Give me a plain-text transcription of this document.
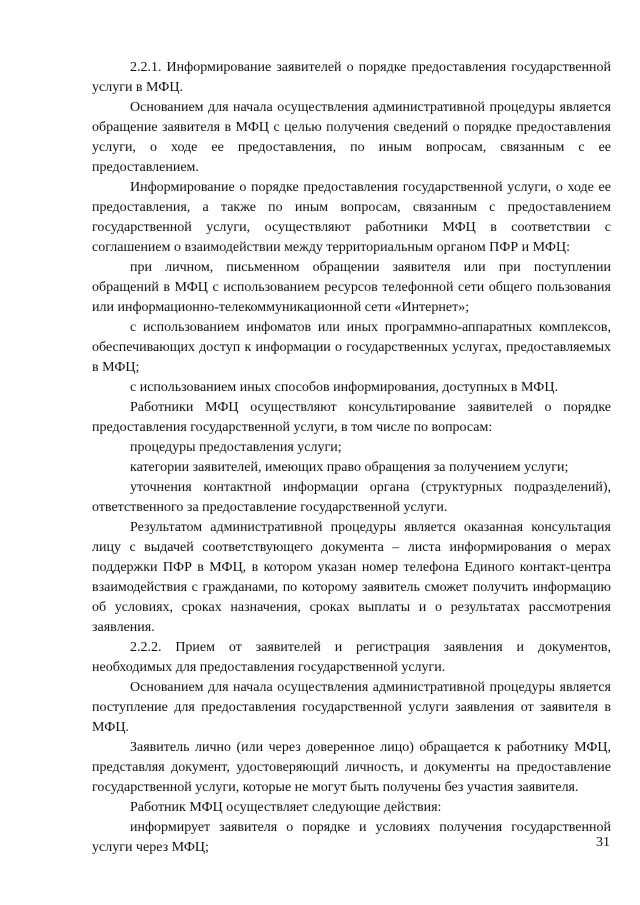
2.2.1. Информирование заявителей о порядке предоставления государственной услуги в МФЦ.

Основанием для начала осуществления административной процедуры является обращение заявителя в МФЦ с целью получения сведений о порядке предоставления услуги, о ходе ее предоставления, по иным вопросам, связанным с ее предоставлением.

Информирование о порядке предоставления государственной услуги, о ходе ее предоставления, а также по иным вопросам, связанным с предоставлением государственной услуги, осуществляют работники МФЦ в соответствии с соглашением о взаимодействии между территориальным органом ПФР и МФЦ:

при личном, письменном обращении заявителя или при поступлении обращений в МФЦ с использованием ресурсов телефонной сети общего пользования или информационно-телекоммуникационной сети «Интернет»;

с использованием инфоматов или иных программно-аппаратных комплексов, обеспечивающих доступ к информации о государственных услугах, предоставляемых в МФЦ;

с использованием иных способов информирования, доступных в МФЦ.

Работники МФЦ осуществляют консультирование заявителей о порядке предоставления государственной услуги, в том числе по вопросам:

процедуры предоставления услуги;

категории заявителей, имеющих право обращения за получением услуги;

уточнения контактной информации органа (структурных подразделений), ответственного за предоставление государственной услуги.

Результатом административной процедуры является оказанная консультация лицу с выдачей соответствующего документа – листа информирования о мерах поддержки ПФР в МФЦ, в котором указан номер телефона Единого контакт-центра взаимодействия с гражданами, по которому заявитель сможет получить информацию об условиях, сроках назначения, сроках выплаты и о результатах рассмотрения заявления.

2.2.2. Прием от заявителей и регистрация заявления и документов, необходимых для предоставления государственной услуги.

Основанием для начала осуществления административной процедуры является поступление для предоставления государственной услуги заявления от заявителя в МФЦ.

Заявитель лично (или через доверенное лицо) обращается к работнику МФЦ, представляя документ, удостоверяющий личность, и документы на предоставление государственной услуги, которые не могут быть получены без участия заявителя.

Работник МФЦ осуществляет следующие действия:

информирует заявителя о порядке и условиях получения государственной услуги через МФЦ;	31
